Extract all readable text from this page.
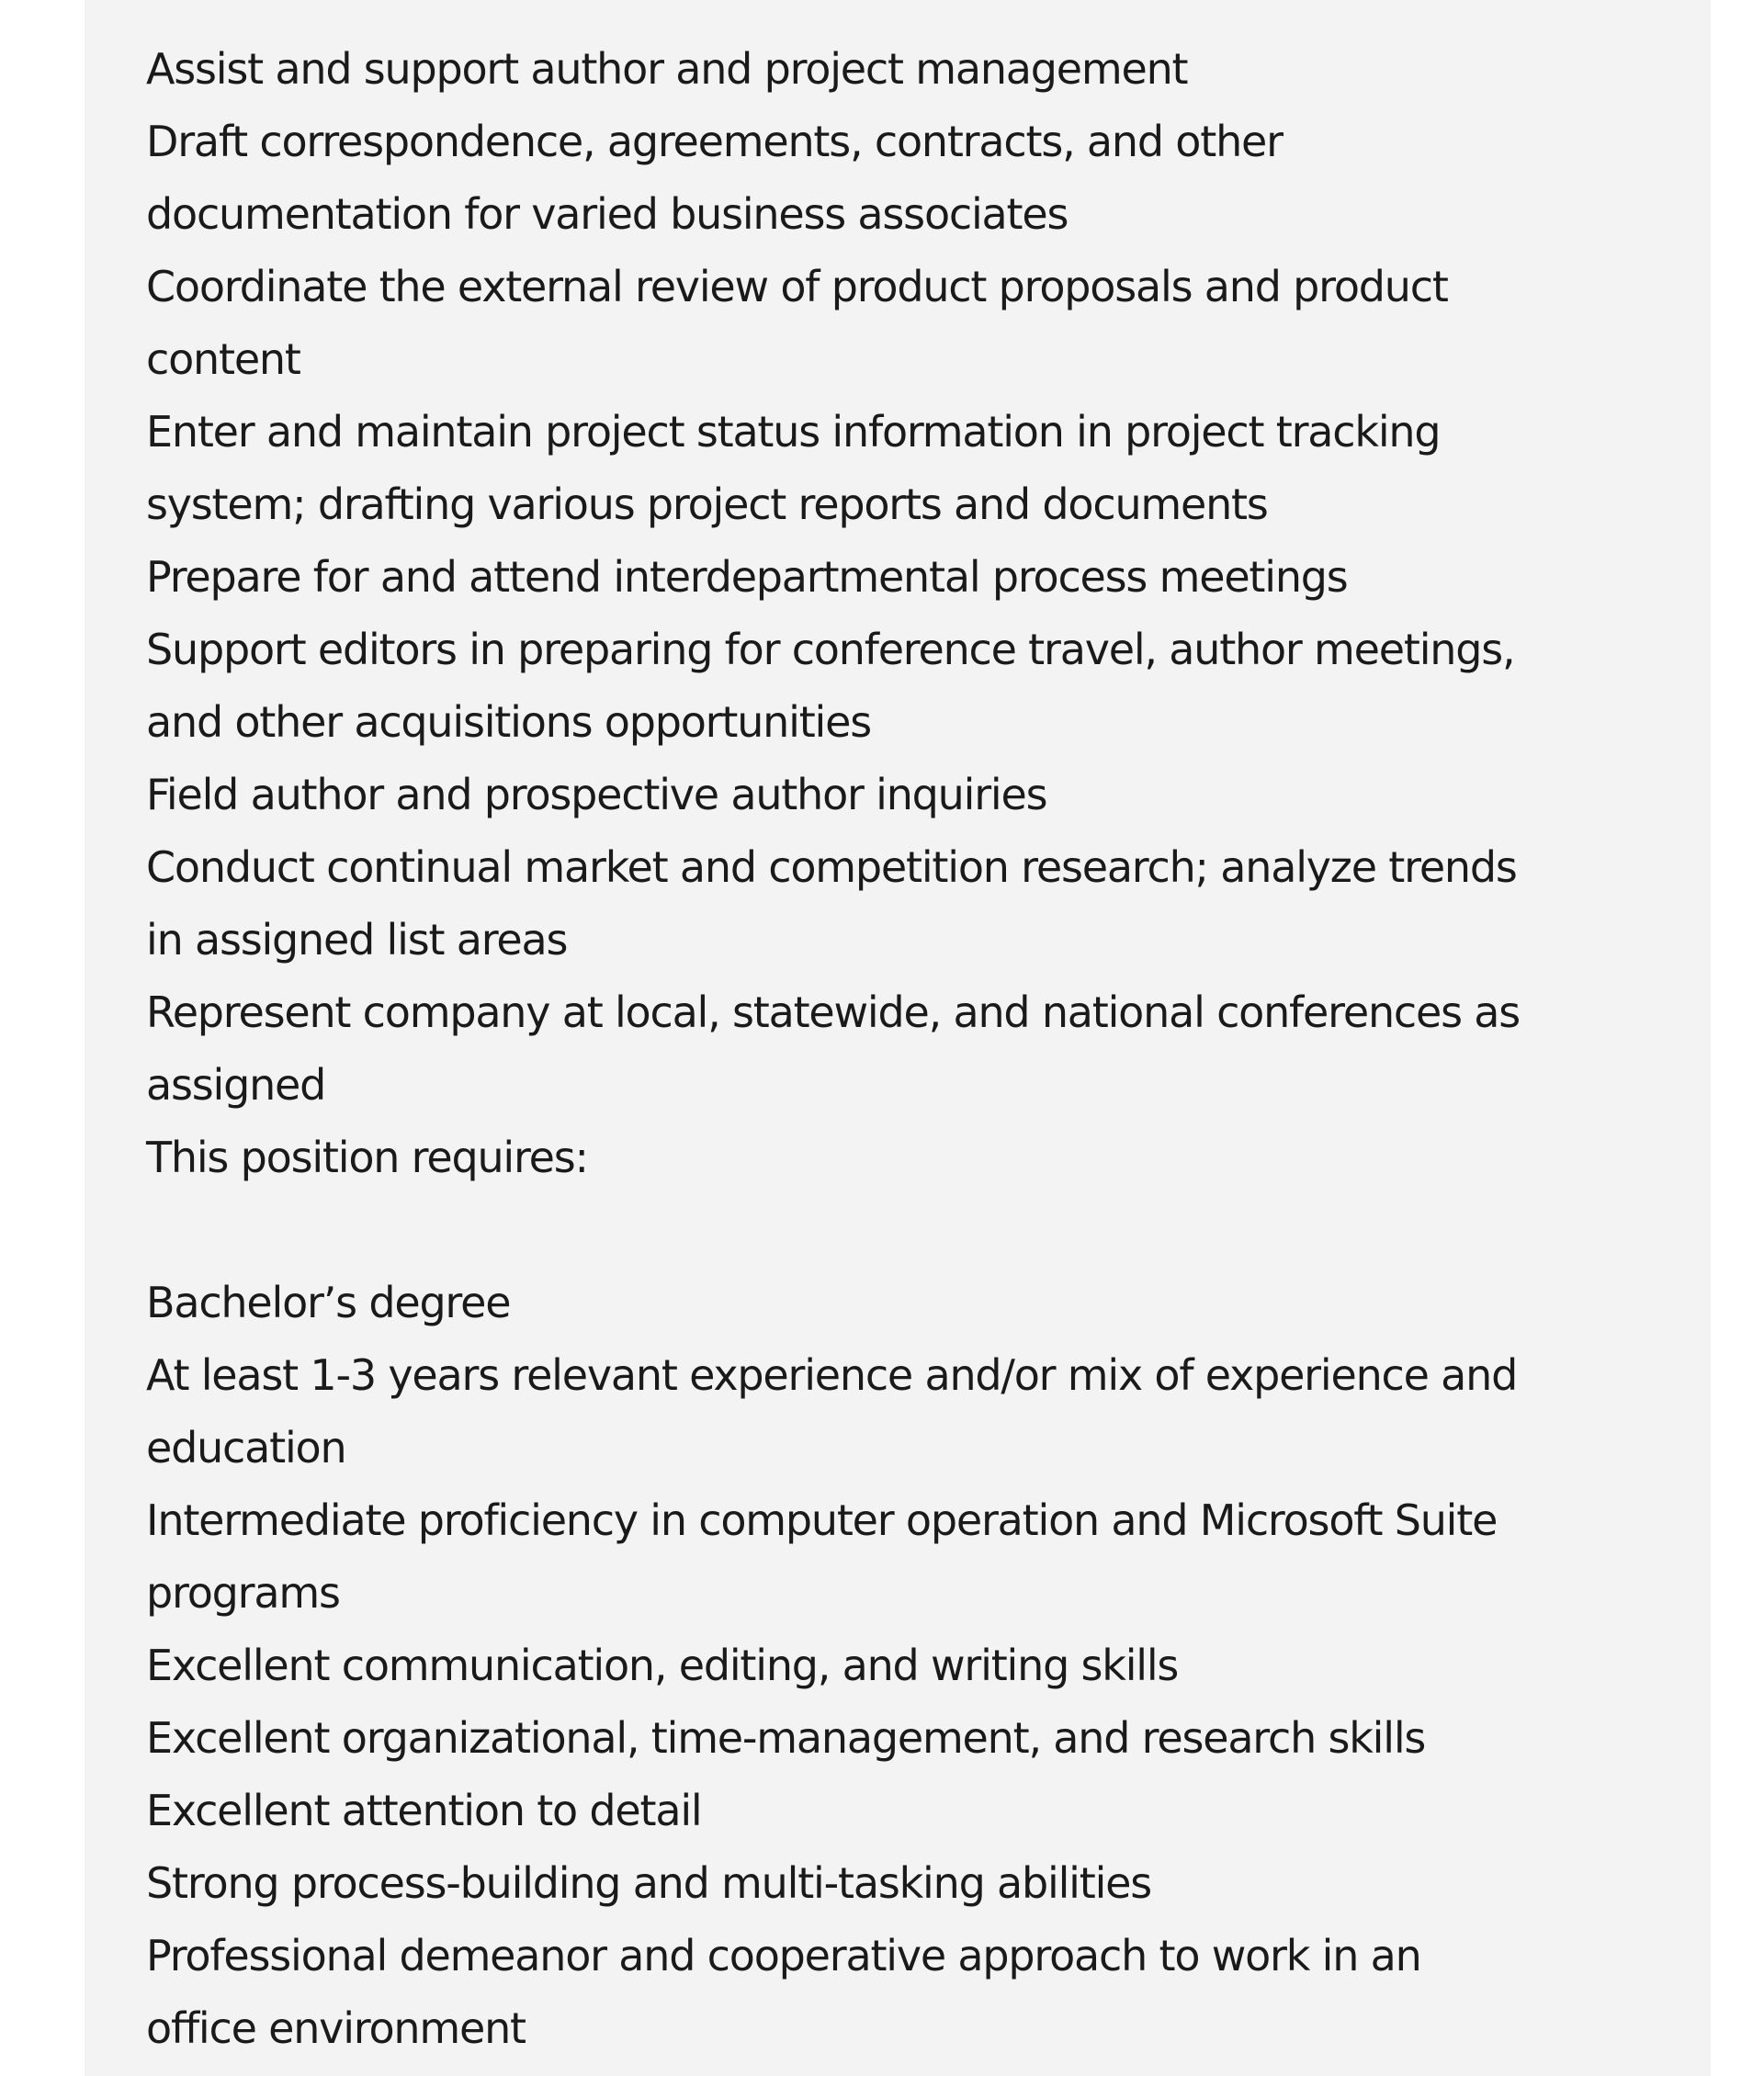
Assist and support author and project management
Draft correspondence, agreements, contracts, and other
documentation for varied business associates
Coordinate the external review of product proposals and product
content
Enter and maintain project status information in project tracking
system; drafting various project reports and documents
Prepare for and attend interdepartmental process meetings
Support editors in preparing for conference travel, author meetings,
and other acquisitions opportunities
Field author and prospective author inquiries
Conduct continual market and competition research; analyze trends
in assigned list areas
Represent company at local, statewide, and national conferences as
assigned
This position requires:
Bachelor’s degree
At least 1-3 years relevant experience and/or mix of experience and
education
Intermediate proficiency in computer operation and Microsoft Suite
programs
Excellent communication, editing, and writing skills
Excellent organizational, time-management, and research skills
Excellent attention to detail
Strong process-building and multi-tasking abilities
Professional demeanor and cooperative approach to work in an
office environment
